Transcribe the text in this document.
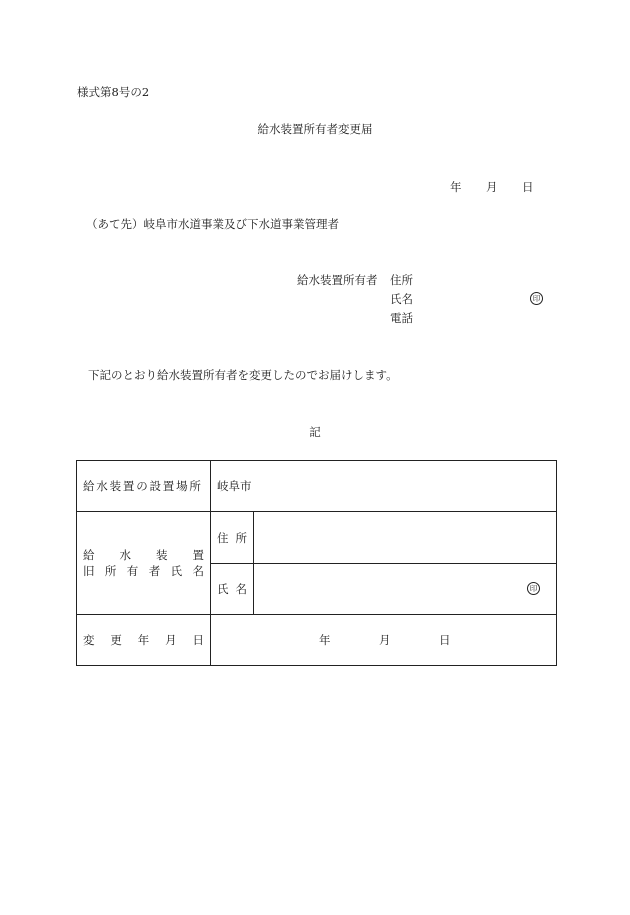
様式第8号の2
給水装置所有者変更届
年 月 日
（あて先）岐阜市水道事業及び下水道事業管理者
給水装置所有者 住所
氏名	印
電話
下記のとおり給水装置所有者を変更したのでお届けします。
記
給水装置の設置場所 岐阜市
給水装置
旧所有者氏名
住所
氏名	印
変更年月日	年	月	日
